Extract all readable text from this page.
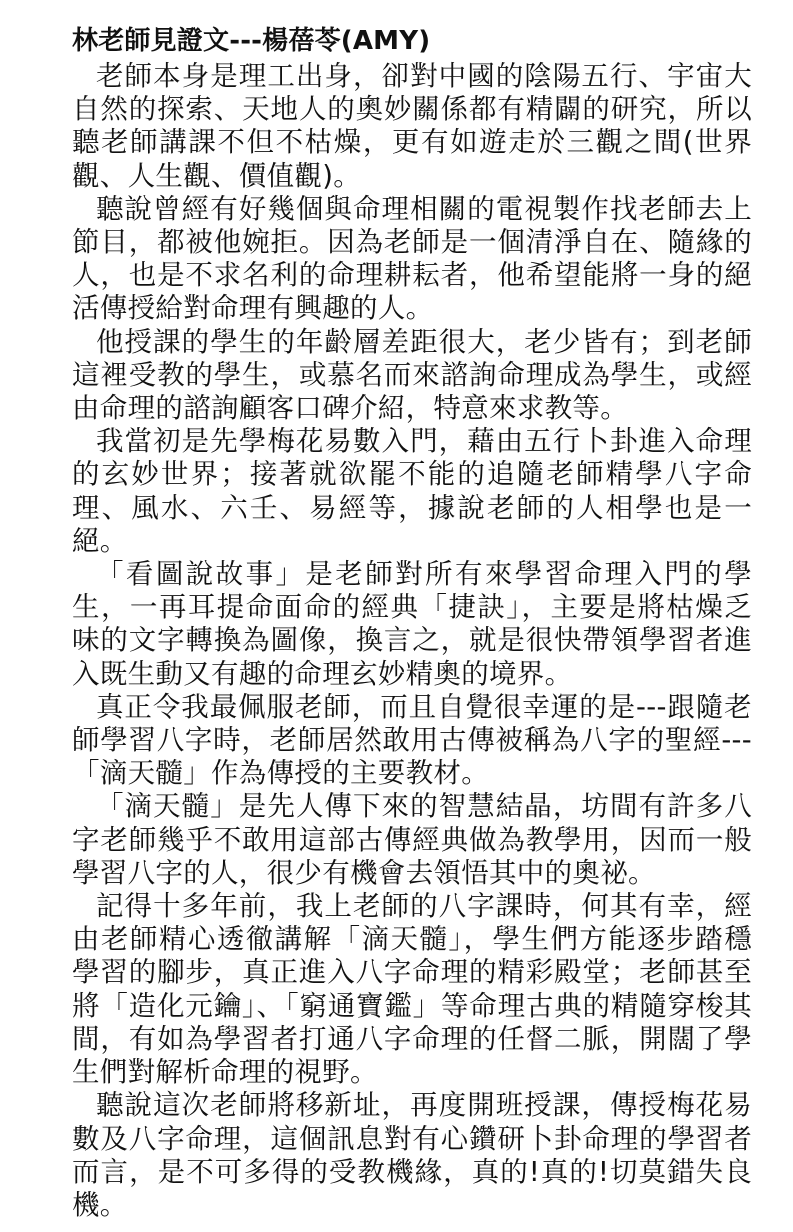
林老師見證文---楊蓓苓(AMY)

老師本身是理工出身，卻對中國的陰陽五行、宇宙大自然的探索、天地人的奧妙關係都有精闢的研究，所以聽老師講課不但不枯燥，更有如遊走於三觀之間(世界觀、人生觀、價值觀)。

聽說曾經有好幾個與命理相關的電視製作找老師去上節目，都被他婉拒。因為老師是一個清淨自在、隨緣的人，也是不求名利的命理耕耘者，他希望能將一身的絕活傳授給對命理有興趣的人。

他授課的學生的年齡層差距很大，老少皆有；到老師這裡受教的學生，或慕名而來諮詢命理成為學生，或經由命理的諮詢顧客口碑介紹，特意來求教等。

我當初是先學梅花易數入門，藉由五行卜卦進入命理的玄妙世界；接著就欲罷不能的追隨老師精學八字命理、風水、六壬、易經等，據說老師的人相學也是一絕。

「看圖說故事」是老師對所有來學習命理入門的學生，一再耳提命面命的經典「捷訣」，主要是將枯燥乏味的文字轉換為圖像，換言之，就是很快帶領學習者進入既生動又有趣的命理玄妙精奧的境界。

真正令我最佩服老師，而且自覺很幸運的是---跟隨老師學習八字時，老師居然敢用古傳被稱為八字的聖經---「滴天髓」作為傳授的主要教材。

「滴天髓」是先人傳下來的智慧結晶，坊間有許多八字老師幾乎不敢用這部古傳經典做為教學用，因而一般學習八字的人，很少有機會去領悟其中的奧祕。

記得十多年前，我上老師的八字課時，何其有幸，經由老師精心透徹講解「滴天髓」，學生們方能逐步踏穩學習的腳步，真正進入八字命理的精彩殿堂；老師甚至將「造化元鑰」、「窮通寶鑑」等命理古典的精隨穿梭其間，有如為學習者打通八字命理的任督二脈，開闊了學生們對解析命理的視野。

聽說這次老師將移新址，再度開班授課，傳授梅花易數及八字命理，這個訊息對有心鑽研卜卦命理的學習者而言，是不可多得的受教機緣，真的!真的!切莫錯失良機。
